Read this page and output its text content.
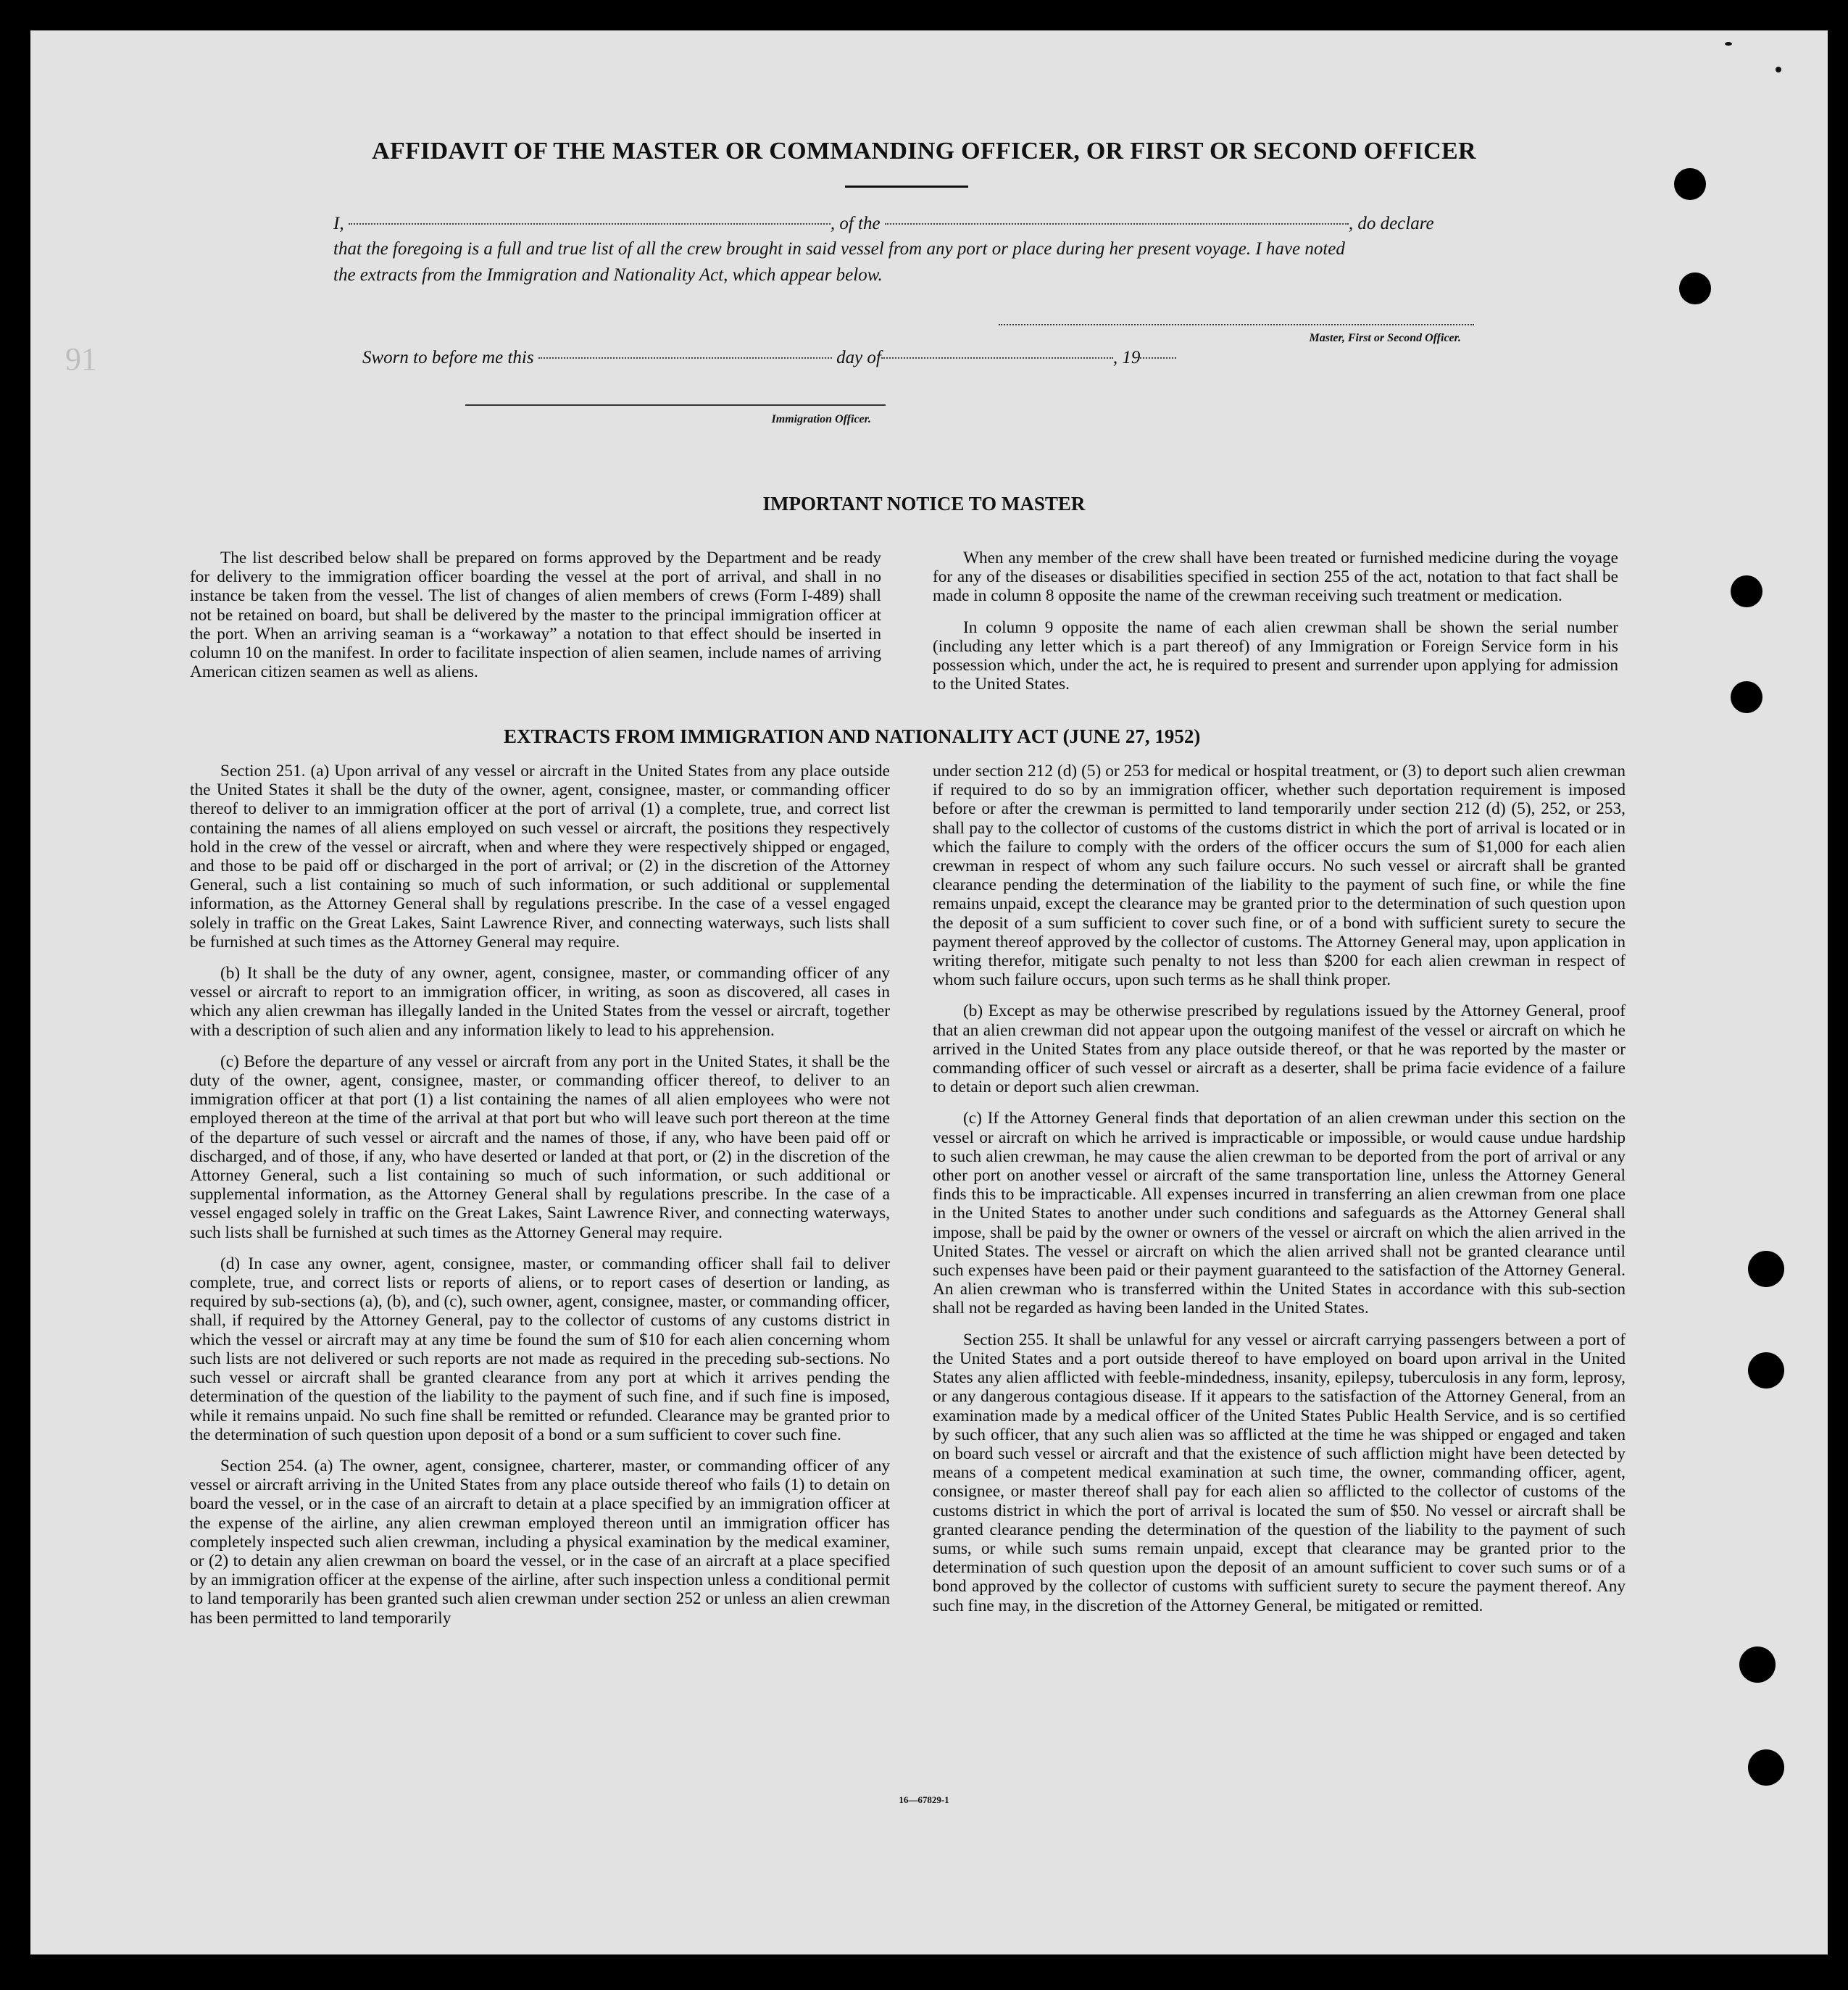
91
AFFIDAVIT OF THE MASTER OR COMMANDING OFFICER, OR FIRST OR SECOND OFFICER
I,	, of the	, do declare
that the foregoing is a full and true list of all the crew brought in said vessel from any port or place during her present voyage. I have noted
the extracts from the Immigration and Nationality Act, which appear below.
Master, First or Second Officer.
Sworn to before me this	day of	, 19
Immigration Officer.
IMPORTANT NOTICE TO MASTER

The list described below shall be prepared on forms approved by the Department and be ready for delivery to the immigration officer boarding the vessel at the port of arrival, and shall in no instance be taken from the vessel. The list of changes of alien members of crews (Form I-489) shall not be retained on board, but shall be delivered by the master to the principal immigration officer at the port. When an arriving seaman is a “workaway” a notation to that effect should be inserted in column 10 on the manifest. In order to facilitate inspection of alien seamen, include names of arriving American citizen seamen as well as aliens.

When any member of the crew shall have been treated or furnished medicine during the voyage for any of the diseases or disabilities specified in section 255 of the act, notation to that fact shall be made in column 8 opposite the name of the crewman receiving such treatment or medication.

In column 9 opposite the name of each alien crewman shall be shown the serial number (including any letter which is a part thereof) of any Immigration or Foreign Service form in his possession which, under the act, he is required to present and surrender upon applying for admission to the United States.

EXTRACTS FROM IMMIGRATION AND NATIONALITY ACT (JUNE 27, 1952)

Section 251. (a) Upon arrival of any vessel or aircraft in the United States from any place outside the United States it shall be the duty of the owner, agent, consignee, master, or commanding officer thereof to deliver to an immigration officer at the port of arrival (1) a complete, true, and correct list containing the names of all aliens employed on such vessel or aircraft, the positions they respectively hold in the crew of the vessel or aircraft, when and where they were respectively shipped or engaged, and those to be paid off or discharged in the port of arrival; or (2) in the discretion of the Attorney General, such a list containing so much of such information, or such additional or supplemental information, as the Attorney General shall by regulations prescribe. In the case of a vessel engaged solely in traffic on the Great Lakes, Saint Lawrence River, and connecting waterways, such lists shall be furnished at such times as the Attorney General may require.

(b) It shall be the duty of any owner, agent, consignee, master, or commanding officer of any vessel or aircraft to report to an immigration officer, in writing, as soon as discovered, all cases in which any alien crewman has illegally landed in the United States from the vessel or aircraft, together with a description of such alien and any information likely to lead to his apprehension.

(c) Before the departure of any vessel or aircraft from any port in the United States, it shall be the duty of the owner, agent, consignee, master, or commanding officer thereof, to deliver to an immigration officer at that port (1) a list containing the names of all alien employees who were not employed thereon at the time of the arrival at that port but who will leave such port thereon at the time of the departure of such vessel or aircraft and the names of those, if any, who have been paid off or discharged, and of those, if any, who have deserted or landed at that port, or (2) in the discretion of the Attorney General, such a list containing so much of such information, or such additional or supplemental information, as the Attorney General shall by regulations prescribe. In the case of a vessel engaged solely in traffic on the Great Lakes, Saint Lawrence River, and connecting waterways, such lists shall be furnished at such times as the Attorney General may require.

(d) In case any owner, agent, consignee, master, or commanding officer shall fail to deliver complete, true, and correct lists or reports of aliens, or to report cases of desertion or landing, as required by sub-sections (a), (b), and (c), such owner, agent, consignee, master, or commanding officer, shall, if required by the Attorney General, pay to the collector of customs of any customs district in which the vessel or aircraft may at any time be found the sum of $10 for each alien concerning whom such lists are not delivered or such reports are not made as required in the preceding sub-sections. No such vessel or aircraft shall be granted clearance from any port at which it arrives pending the determination of the question of the liability to the payment of such fine, and if such fine is imposed, while it remains unpaid. No such fine shall be remitted or refunded. Clearance may be granted prior to the determination of such question upon deposit of a bond or a sum sufficient to cover such fine.

Section 254. (a) The owner, agent, consignee, charterer, master, or commanding officer of any vessel or aircraft arriving in the United States from any place outside thereof who fails (1) to detain on board the vessel, or in the case of an aircraft to detain at a place specified by an immigration officer at the expense of the airline, any alien crewman employed thereon until an immigration officer has completely inspected such alien crewman, including a physical examination by the medical examiner, or (2) to detain any alien crewman on board the vessel, or in the case of an aircraft at a place specified by an immigration officer at the expense of the airline, after such inspection unless a conditional permit to land temporarily has been granted such alien crewman under section 252 or unless an alien crewman has been permitted to land temporarily

under section 212 (d) (5) or 253 for medical or hospital treatment, or (3) to deport such alien crewman if required to do so by an immigration officer, whether such deportation requirement is imposed before or after the crewman is permitted to land temporarily under section 212 (d) (5), 252, or 253, shall pay to the collector of customs of the customs district in which the port of arrival is located or in which the failure to comply with the orders of the officer occurs the sum of $1,000 for each alien crewman in respect of whom any such failure occurs. No such vessel or aircraft shall be granted clearance pending the determination of the liability to the payment of such fine, or while the fine remains unpaid, except the clearance may be granted prior to the determination of such question upon the deposit of a sum sufficient to cover such fine, or of a bond with sufficient surety to secure the payment thereof approved by the collector of customs. The Attorney General may, upon application in writing therefor, mitigate such penalty to not less than $200 for each alien crewman in respect of whom such failure occurs, upon such terms as he shall think proper.

(b) Except as may be otherwise prescribed by regulations issued by the Attorney General, proof that an alien crewman did not appear upon the outgoing manifest of the vessel or aircraft on which he arrived in the United States from any place outside thereof, or that he was reported by the master or commanding officer of such vessel or aircraft as a deserter, shall be prima facie evidence of a failure to detain or deport such alien crewman.

(c) If the Attorney General finds that deportation of an alien crewman under this section on the vessel or aircraft on which he arrived is impracticable or impossible, or would cause undue hardship to such alien crewman, he may cause the alien crewman to be deported from the port of arrival or any other port on another vessel or aircraft of the same transportation line, unless the Attorney General finds this to be impracticable. All expenses incurred in transferring an alien crewman from one place in the United States to another under such conditions and safeguards as the Attorney General shall impose, shall be paid by the owner or owners of the vessel or aircraft on which the alien arrived in the United States. The vessel or aircraft on which the alien arrived shall not be granted clearance until such expenses have been paid or their payment guaranteed to the satisfaction of the Attorney General. An alien crewman who is transferred within the United States in accordance with this sub-section shall not be regarded as having been landed in the United States.

Section 255. It shall be unlawful for any vessel or aircraft carrying passengers between a port of the United States and a port outside thereof to have employed on board upon arrival in the United States any alien afflicted with feeble-mindedness, insanity, epilepsy, tuberculosis in any form, leprosy, or any dangerous contagious disease. If it appears to the satisfaction of the Attorney General, from an examination made by a medical officer of the United States Public Health Service, and is so certified by such officer, that any such alien was so afflicted at the time he was shipped or engaged and taken on board such vessel or aircraft and that the existence of such affliction might have been detected by means of a competent medical examination at such time, the owner, commanding officer, agent, consignee, or master thereof shall pay for each alien so afflicted to the collector of customs of the customs district in which the port of arrival is located the sum of $50. No vessel or aircraft shall be granted clearance pending the determination of the question of the liability to the payment of such sums, or while such sums remain unpaid, except that clearance may be granted prior to the determination of such question upon the deposit of an amount sufficient to cover such sums or of a bond approved by the collector of customs with sufficient surety to secure the payment thereof. Any such fine may, in the discretion of the Attorney General, be mitigated or remitted.

16—67829-1
